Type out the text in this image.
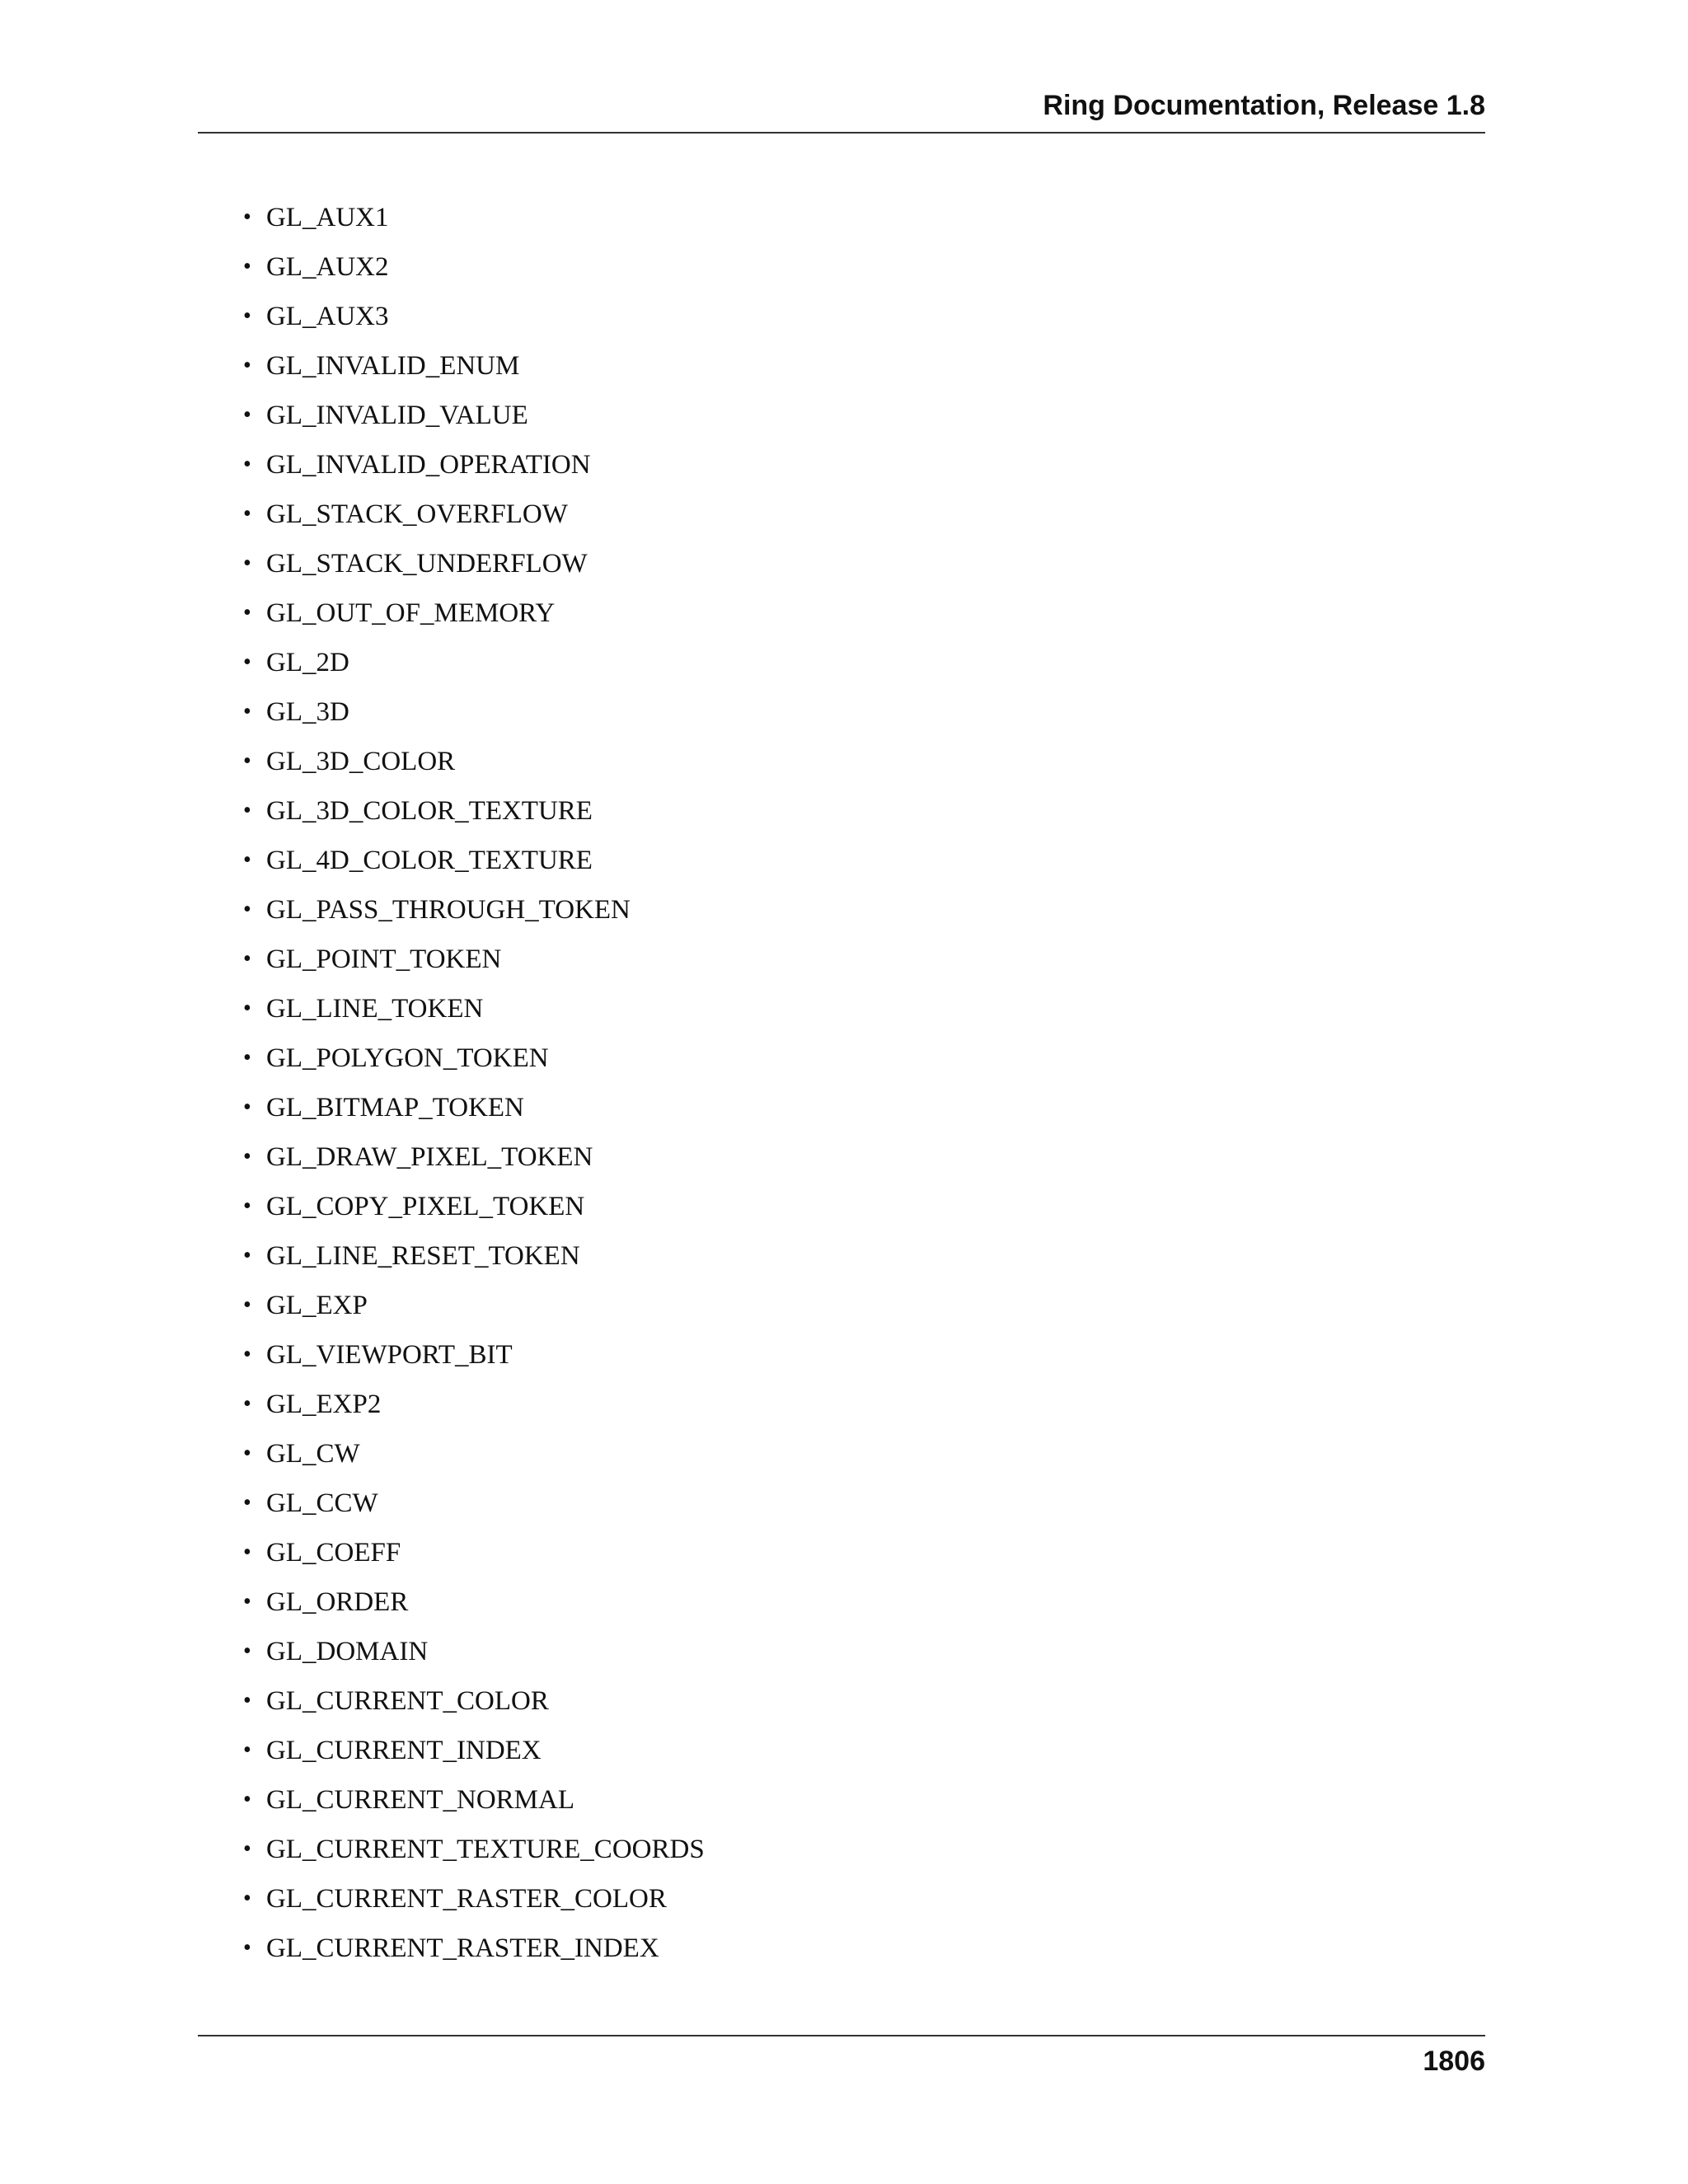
Ring Documentation, Release 1.8
• GL_AUX1
• GL_AUX2
• GL_AUX3
• GL_INVALID_ENUM
• GL_INVALID_VALUE
• GL_INVALID_OPERATION
• GL_STACK_OVERFLOW
• GL_STACK_UNDERFLOW
• GL_OUT_OF_MEMORY
• GL_2D
• GL_3D
• GL_3D_COLOR
• GL_3D_COLOR_TEXTURE
• GL_4D_COLOR_TEXTURE
• GL_PASS_THROUGH_TOKEN
• GL_POINT_TOKEN
• GL_LINE_TOKEN
• GL_POLYGON_TOKEN
• GL_BITMAP_TOKEN
• GL_DRAW_PIXEL_TOKEN
• GL_COPY_PIXEL_TOKEN
• GL_LINE_RESET_TOKEN
• GL_EXP
• GL_VIEWPORT_BIT
• GL_EXP2
• GL_CW
• GL_CCW
• GL_COEFF
• GL_ORDER
• GL_DOMAIN
• GL_CURRENT_COLOR
• GL_CURRENT_INDEX
• GL_CURRENT_NORMAL
• GL_CURRENT_TEXTURE_COORDS
• GL_CURRENT_RASTER_COLOR
• GL_CURRENT_RASTER_INDEX
1806
